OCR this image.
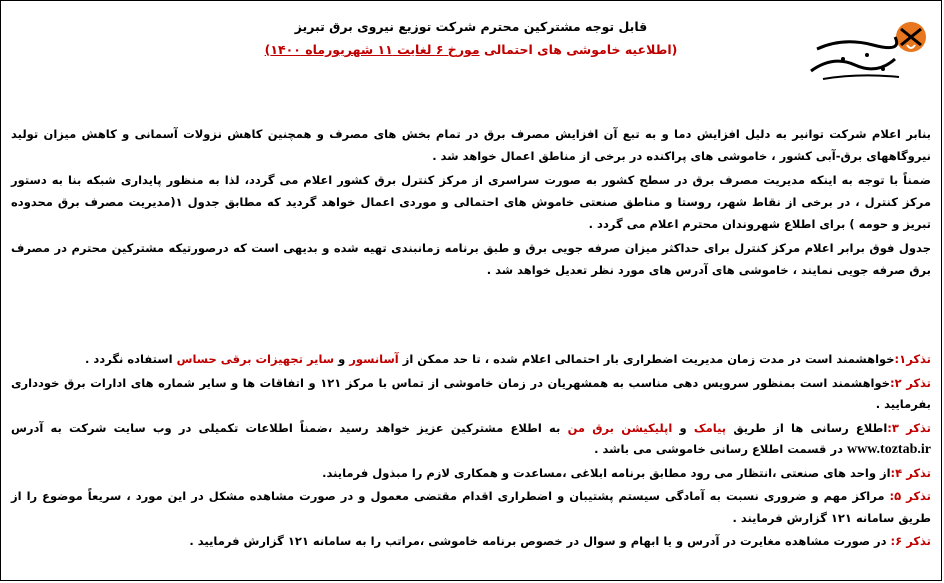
قابل توجه مشترکین محترم شرکت توزیع نیروی برق تبریز
(اطلاعیه خاموشی های احتمالی مورخ ۶ لغایت ۱۱ شهریورماه ۱۴۰۰)

بنابر اعلام شرکت توانیر به دلیل افزایش دما و به تبع آن افزایش مصرف برق در تمام بخش های مصرف و همچنین کاهش نزولات آسمانی و کاهش میزان تولید نیروگاههای برق-آبی کشور ، خاموشی های پراکنده در برخی از مناطق اعمال خواهد شد .

ضمناً با توجه به اینکه مدیریت مصرف برق در سطح کشور به صورت سراسری از مرکز کنترل برق کشور اعلام می گردد، لذا به منظور پایداری شبکه بنا به دستور مرکز کنترل ، در برخی از نقاط شهر، روستا و مناطق صنعتی خاموش های احتمالی و موردی اعمال خواهد گردید که مطابق جدول ۱(مدیریت مصرف برق محدوده تبریز و حومه ) برای اطلاع شهروندان محترم اعلام می گردد .

جدول فوق برابر اعلام مرکز کنترل برای حداکثر میزان صرفه جویی برق و طبق برنامه زمانبندی تهیه شده و بدیهی است که درصورتیکه مشترکین محترم در مصرف برق صرفه جویی نمایند ، خاموشی های آدرس های مورد نظر تعدیل خواهد شد .

تذکر۱:خواهشمند است در مدت زمان مدیریت اضطراری بار احتمالی اعلام شده ، تا حد ممکن از آسانسور و سایر تجهیزات برقی حساس استفاده نگردد .

تذکر ۲:خواهشمند است بمنظور سرویس دهی مناسب به همشهریان در زمان خاموشی از تماس با مرکز ۱۲۱ و اتفاقات ها و سایر شماره های ادارات برق خودداری بفرمایید .

تذکر ۳:اطلاع رسانی ها از طریق پیامک و اپلیکیشن برق من به اطلاع مشترکین عزیز خواهد رسید ،ضمناً اطلاعات تکمیلی در وب سایت شرکت به آدرس www.toztab.ir در قسمت اطلاع رسانی خاموشی می باشد .

تذکر ۴:از واحد های صنعتی ،انتظار می رود مطابق برنامه ابلاغی ،مساعدت و همکاری لازم را مبذول فرمایند.

تذکر ۵: مراکز مهم و ضروری نسبت به آمادگی سیستم پشتیبان و اضطراری اقدام مقتضی معمول و در صورت مشاهده مشکل در این مورد ، سریعاً موضوع را از طریق سامانه ۱۲۱ گزارش فرمایند .

تذکر ۶: در صورت مشاهده مغایرت در آدرس و یا ابهام و سوال در خصوص برنامه خاموشی ،مراتب را به سامانه ۱۲۱ گزارش فرمایید .
